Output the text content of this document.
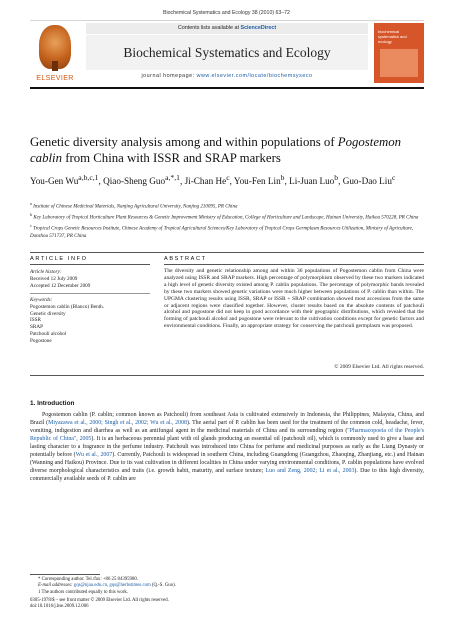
Biochemical Systematics and Ecology 38 (2010) 63–72
ELSEVIER
Contents lists available at ScienceDirect
Biochemical Systematics and Ecology
journal homepage: www.elsevier.com/locate/biochemsyseco
biochemical systematics and ecology
Genetic diversity analysis among and within populations of Pogostemon cablin from China with ISSR and SRAP markers
You-Gen Wu$^{a,b,c,1}$, Qiao-Sheng Guo$^{a,*,1}$, Ji-Chan He$^c$, You-Fen Lin$^b$, Li-Juan Luo$^b$, Guo-Dao Liu$^c$
$^a$ Institute of Chinese Medicinal Materials, Nanjing Agricultural University, Nanjing 210095, PR China
$^b$ Key Laboratory of Tropical Horticulture Plant Resources & Genetic Improvement Ministry of Education, College of Horticulture and Landscape, Hainan University, Haikou 570228, PR China
$^c$ Tropical Crops Genetic Resources Institute, Chinese Academy of Tropical Agricultural Sciences/Key Laboratory of Tropical Crops Germplasm Resources Utilization, Ministry of Agriculture, Danzhou 571737, PR China
ARTICLE INFO	ABSTRACT
Article history:
Received 12 July 2009
Accepted 12 December 2009
Keywords:
Pogostemon cablin (Blanco) Benth.
Genetic diversity
ISSR
SRAP
Patchouli alcohol
Pogostone
The diversity and genetic relationship among and within 36 populations of Pogostemon cablin from China were analyzed using ISSR and SRAP markers. High percentage of polymorphism observed by these two markers indicated a high level of genetic diversity existed among P. cablin populations. The percentage of polymorphic bands revealed by these two markers showed genetic variations were much higher between populations of P. cablin than within. The UPGMA clustering results using ISSR, SRAP or ISSR + SRAP combination showed most accessions from the same or adjacent regions were classified together. However, cluster results based on the absolute contents of patchouli alcohol and pogostone did not keep in good accordance with their geographic distributions, which revealed that the forming of patchouli alcohol and pogostone were relevant to the cultivation conditions except for genetic factors and environmental conditions. Finally, an appropriate strategy for conserving the patchouli germplasm was proposed.
© 2009 Elsevier Ltd. All rights reserved.
1. Introduction
Pogostemon cablin (P. cablin; common known as Patchouli) from southeast Asia is cultivated extensively in Indonesia, the Philippines, Malaysia, China, and Brazil (Miyazawa et al., 2000; Singh et al., 2002; Wu et al., 2008). The aerial part of P. cablin has been used for the treatment of the common cold, headache, fever, vomiting, indigestion and diarrhea as well as an antifungal agent in the medicinal materials of China and its surrounding region ("Pharmacopoeia of the People's Republic of China", 2005). It is an herbaceous perennial plant with oil glands producing an essential oil (patchouli oil), which is commonly used to give a base and lasting character to a fragrance in the perfume industry. Patchouli was introduced into China for perfume and medicinal purposes as early as the Liang Dynasty or potentially before (Wu et al., 2007). Currently, Patchouli is widespread in southern China, including Guangdong (Guangzhou, Zhaoqing, Zhanjiang, etc.) and Hainan (Wanning and Haikou) Province. Due to its vast cultivation in different localities in China under varying environmental conditions, P. cablin populations have evolved diverse morphological characteristics and traits (i.e. growth habit, maturity, and surface texture; Luo and Zeng, 2002; Li et al., 2003). Due to this high diversity, commercially available seeds of P. cablin are
* Corresponding author. Tel./fax: +86 25 84395980.
E-mail addresses: gqs@njau.edu.cn, gqs@herbstimes.com (Q.-S. Guo).
1 The authors contributed equally to this work.
0305-1978/$ – see front matter © 2009 Elsevier Ltd. All rights reserved.
doi:10.1016/j.bse.2009.12.006
